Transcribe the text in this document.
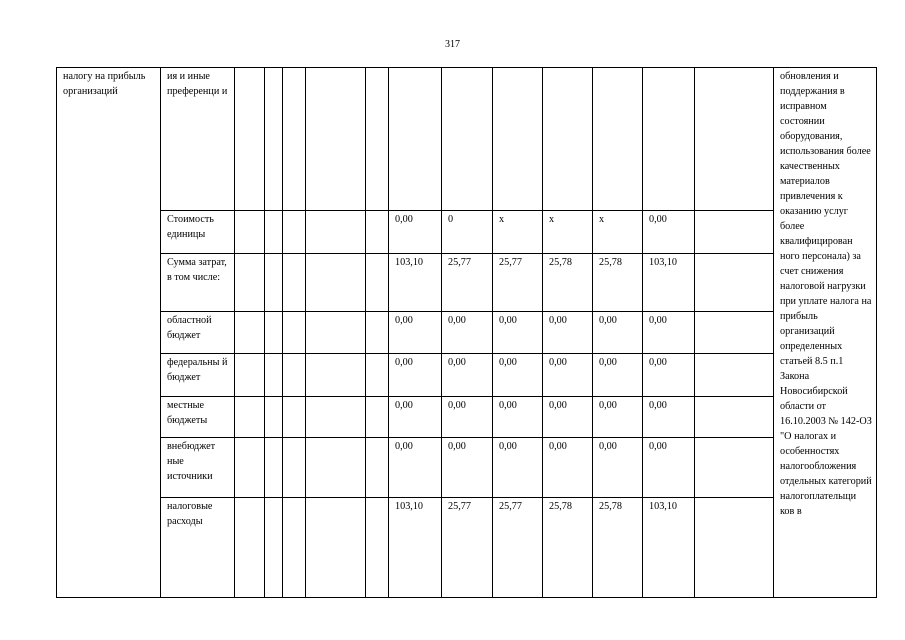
317
налогу на прибыль организаций	ия и иные преференци и													обновления и поддержания в исправном состоянии оборудования, использования более качественных материалов привлечения к оказанию услуг более квалифицирован ного персонала) за счет снижения налоговой нагрузки при уплате налога на прибыль организаций определенных статьей 8.5 п.1 Закона Новосибирской области от 16.10.2003 № 142-ОЗ "О налогах и особенностях налогообложения отдельных категорий налогоплательщи ков в
	Стоимость единицы						0,00	0	x	x	x	0,00		
	Сумма затрат, в том числе:						103,10	25,77	25,77	25,78	25,78	103,10		
	областной бюджет						0,00	0,00	0,00	0,00	0,00	0,00		
	федеральны й бюджет						0,00	0,00	0,00	0,00	0,00	0,00		
	местные бюджеты						0,00	0,00	0,00	0,00	0,00	0,00		
	внебюджет ные источники						0,00	0,00	0,00	0,00	0,00	0,00		
	налоговые расходы						103,10	25,77	25,77	25,78	25,78	103,10		
